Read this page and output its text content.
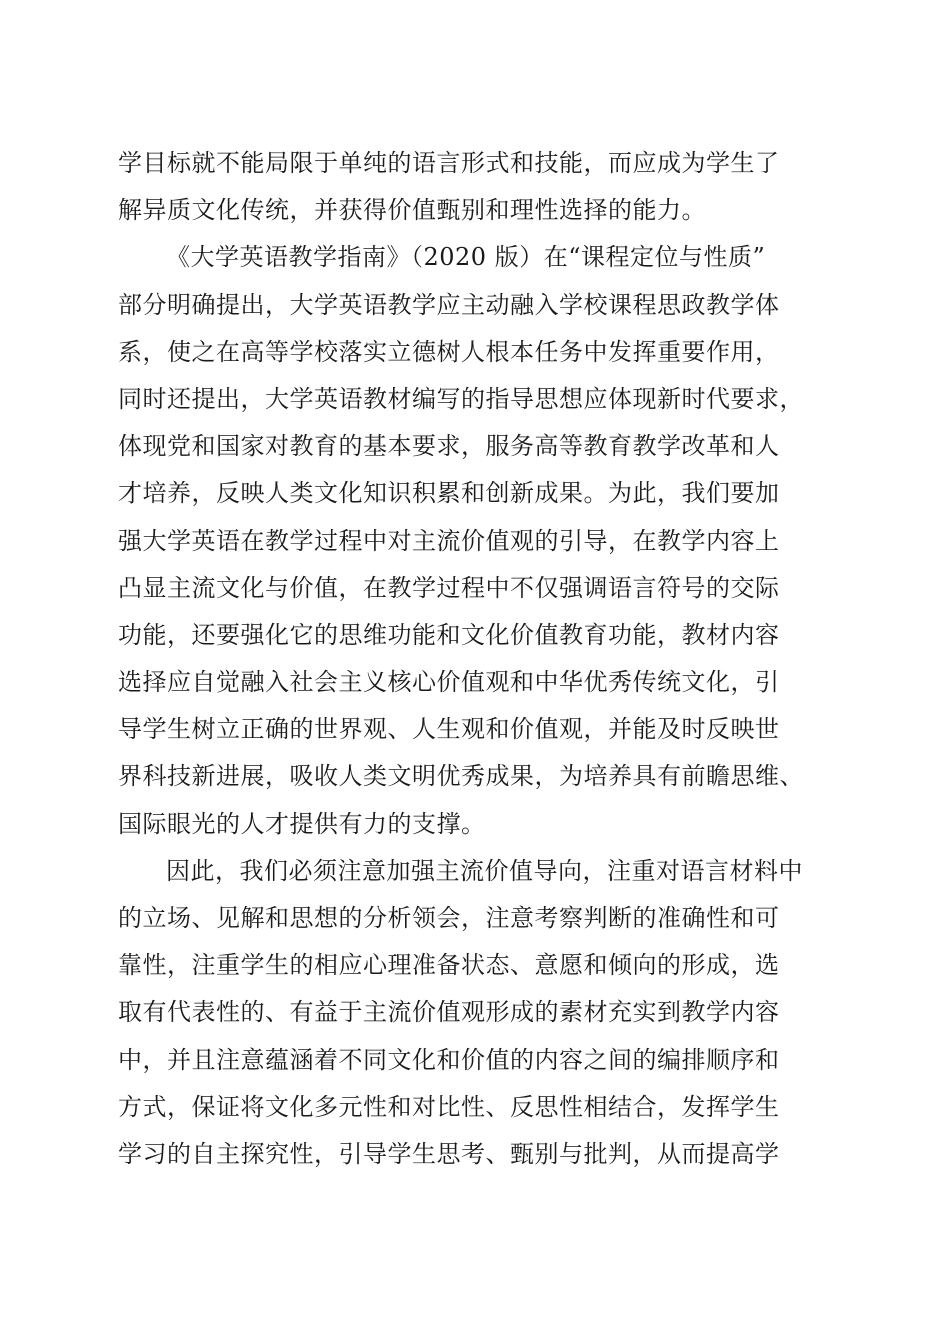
学目标就不能局限于单纯的语言形式和技能，而应成为学生了
解异质文化传统，并获得价值甄别和理性选择的能力。
《大学英语教学指南》（2020 版）在“课程定位与性质”
部分明确提出，大学英语教学应主动融入学校课程思政教学体
系，使之在高等学校落实立德树人根本任务中发挥重要作用，
同时还提出，大学英语教材编写的指导思想应体现新时代要求，
体现党和国家对教育的基本要求，服务高等教育教学改革和人
才培养，反映人类文化知识积累和创新成果。为此，我们要加
强大学英语在教学过程中对主流价值观的引导，在教学内容上
凸显主流文化与价值，在教学过程中不仅强调语言符号的交际
功能，还要强化它的思维功能和文化价值教育功能，教材内容
选择应自觉融入社会主义核心价值观和中华优秀传统文化，引
导学生树立正确的世界观、人生观和价值观，并能及时反映世
界科技新进展，吸收人类文明优秀成果，为培养具有前瞻思维、
国际眼光的人才提供有力的支撑。
因此，我们必须注意加强主流价值导向，注重对语言材料中
的立场、见解和思想的分析领会，注意考察判断的准确性和可
靠性，注重学生的相应心理准备状态、意愿和倾向的形成，选
取有代表性的、有益于主流价值观形成的素材充实到教学内容
中，并且注意蕴涵着不同文化和价值的内容之间的编排顺序和
方式，保证将文化多元性和对比性、反思性相结合，发挥学生
学习的自主探究性，引导学生思考、甄别与批判，从而提高学
